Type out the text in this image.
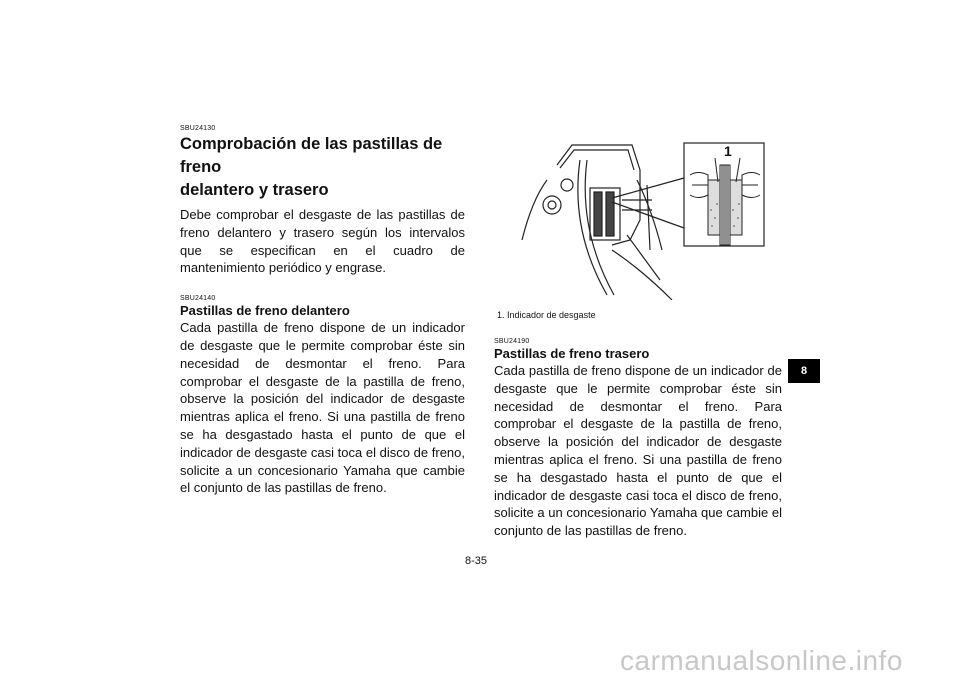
SBU24130

Comprobación de las pastillas de freno
delantero y trasero

Debe comprobar el desgaste de las pastillas de freno delantero y trasero según los intervalos que se especifican en el cuadro de mantenimiento periódico y engrase.

SBU24140

Pastillas de freno delantero

Cada pastilla de freno dispone de un indicador de desgaste que le permite comprobar éste sin necesidad de desmontar el freno. Para comprobar el desgaste de la pastilla de freno, observe la posición del indicador de desgaste mientras aplica el freno. Si una pastilla de freno se ha desgastado hasta el punto de que el indicador de desgaste casi toca el disco de freno, solicite a un concesionario Yamaha que cambie el conjunto de las pastillas de freno.

1

1. Indicador de desgaste

SBU24190

Pastillas de freno trasero

Cada pastilla de freno dispone de un indicador de desgaste que le permite comprobar éste sin necesidad de desmontar el freno. Para comprobar el desgaste de la pastilla de freno, observe la posición del indicador de desgaste mientras aplica el freno. Si una pastilla de freno se ha desgastado hasta el punto de que el indicador de desgaste casi toca el disco de freno, solicite a un concesionario Yamaha que cambie el conjunto de las pastillas de freno.

8

8-35

carmanualsonline.info
